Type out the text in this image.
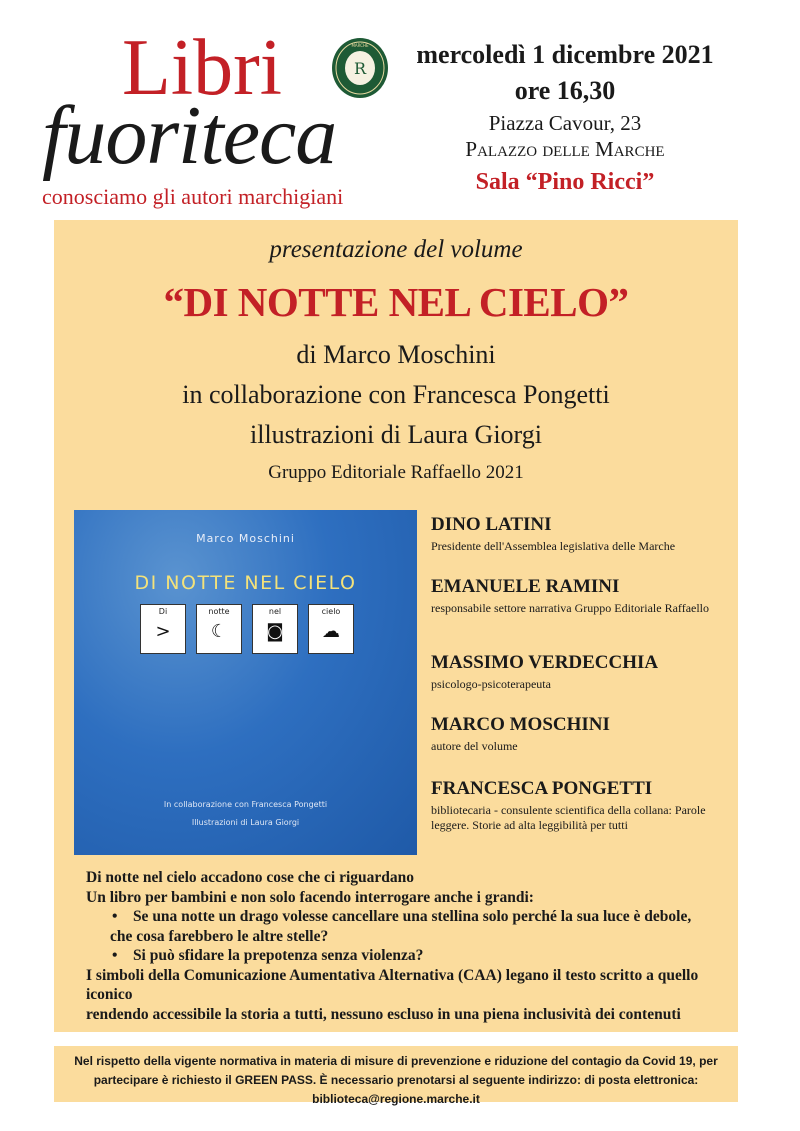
Libri	R
MARCHE
fuoriteca
conosciamo gli autori marchigiani
mercoledì 1 dicembre 2021
ore 16,30
Piazza Cavour, 23
Palazzo delle Marche
Sala “Pino Ricci”
presentazione del volume
“DI NOTTE NEL CIELO”
di Marco Moschini
in collaborazione con Francesca Pongetti
illustrazioni di Laura Giorgi
Gruppo Editoriale Raffaello 2021
Marco Moschini
DI NOTTE NEL CIELO
Di
>
notte
☾
nel
◙
cielo
☁
In collaborazione con Francesca Pongetti
Illustrazioni di Laura Giorgi
DINO LATINI
Presidente dell'Assemblea legislativa delle Marche
EMANUELE RAMINI
responsabile settore narrativa Gruppo Editoriale Raffaello
MASSIMO VERDECCHIA
psicologo-psicoterapeuta
MARCO MOSCHINI
autore del volume
FRANCESCA PONGETTI
bibliotecaria - consulente scientifica della collana: Parole leggere. Storie ad alta leggibilità per tutti
Di notte nel cielo accadono cose che ci riguardano
Un libro per bambini e non solo facendo interrogare anche i grandi:
• Se una notte un drago volesse cancellare una stellina solo perché la sua luce è debole,
che cosa farebbero le altre stelle?
• Si può sfidare la prepotenza senza violenza?
I simboli della Comunicazione Aumentativa Alternativa (CAA) legano il testo scritto a quello iconico
rendendo accessibile la storia a tutti, nessuno escluso in una piena inclusività dei contenuti
Nel rispetto della vigente normativa in materia di misure di prevenzione e riduzione del contagio da Covid 19, per partecipare è richiesto il GREEN PASS. È necessario prenotarsi al seguente indirizzo: di posta elettronica: biblioteca@regione.marche.it
